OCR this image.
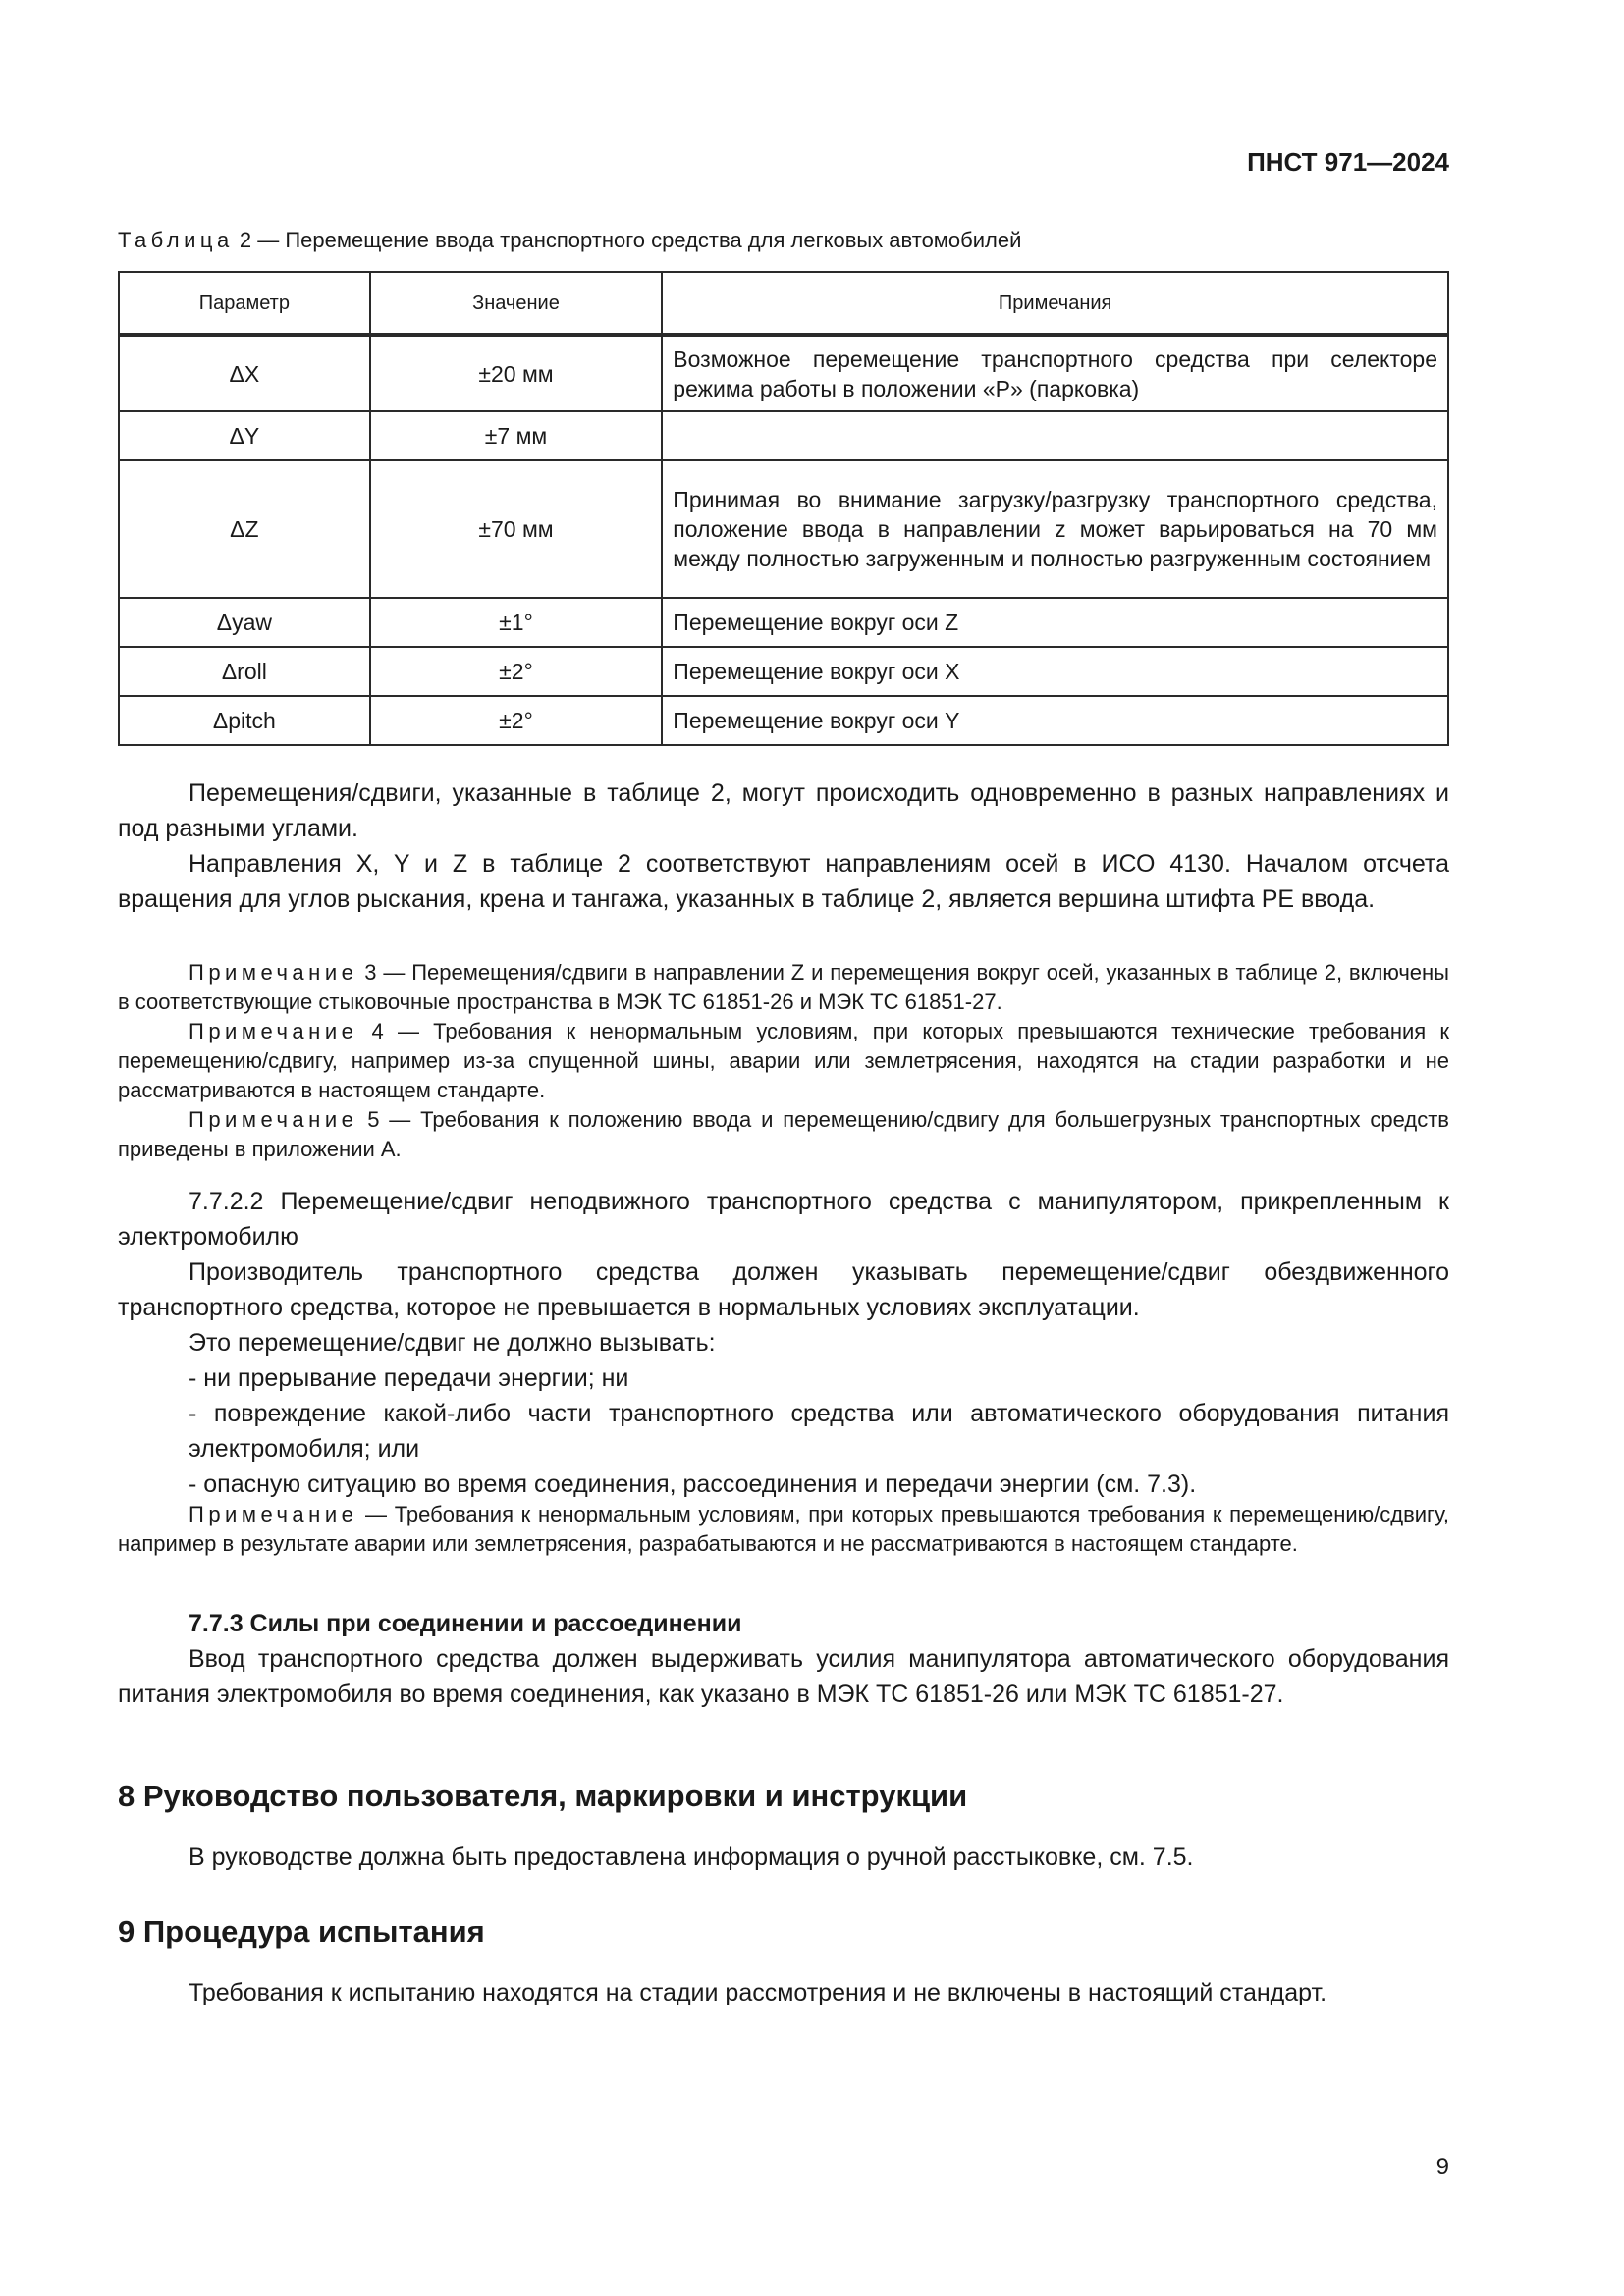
ПНСТ 971—2024
Таблица 2 — Перемещение ввода транспортного средства для легковых автомобилей
Параметр	Значение	Примечания
ΔX	±20 мм	Возможное перемещение транспортного средства при селекторе режима работы в положении «P» (парковка)
ΔY	±7 мм	
ΔZ	±70 мм	Принимая во внимание загрузку/разгрузку транспортного средства, положение ввода в направлении z может варьироваться на 70 мм между полностью загруженным и полностью разгруженным состоянием
Δyaw	±1°	Перемещение вокруг оси Z
Δroll	±2°	Перемещение вокруг оси X
Δpitch	±2°	Перемещение вокруг оси Y

Перемещения/сдвиги, указанные в таблице 2, могут происходить одновременно в разных направлениях и под разными углами.

Направления X, Y и Z в таблице 2 соответствуют направлениям осей в ИСО 4130. Началом отсчета вращения для углов рыскания, крена и тангажа, указанных в таблице 2, является вершина штифта PE ввода.

Примечание 3 — Перемещения/сдвиги в направлении Z и перемещения вокруг осей, указанных в таблице 2, включены в соответствующие стыковочные пространства в МЭК ТС 61851-26 и МЭК ТС 61851-27.

Примечание 4 — Требования к ненормальным условиям, при которых превышаются технические требования к перемещению/сдвигу, например из-за спущенной шины, аварии или землетрясения, находятся на стадии разработки и не рассматриваются в настоящем стандарте.

Примечание 5 — Требования к положению ввода и перемещению/сдвигу для большегрузных транспортных средств приведены в приложении А.

7.7.2.2 Перемещение/сдвиг неподвижного транспортного средства с манипулятором, прикрепленным к электромобилю

Производитель транспортного средства должен указывать перемещение/сдвиг обездвиженного транспортного средства, которое не превышается в нормальных условиях эксплуатации.

Это перемещение/сдвиг не должно вызывать:

- ни прерывание передачи энергии; ни

- повреждение какой-либо части транспортного средства или автоматического оборудования питания электромобиля; или

- опасную ситуацию во время соединения, рассоединения и передачи энергии (см. 7.3).

Примечание — Требования к ненормальным условиям, при которых превышаются требования к перемещению/сдвигу, например в результате аварии или землетрясения, разрабатываются и не рассматриваются в настоящем стандарте.

7.7.3 Силы при соединении и рассоединении

Ввод транспортного средства должен выдерживать усилия манипулятора автоматического оборудования питания электромобиля во время соединения, как указано в МЭК ТС 61851-26 или МЭК ТС 61851-27.

8 Руководство пользователя, маркировки и инструкции

В руководстве должна быть предоставлена информация о ручной расстыковке, см. 7.5.

9 Процедура испытания

Требования к испытанию находятся на стадии рассмотрения и не включены в настоящий стандарт.

9
